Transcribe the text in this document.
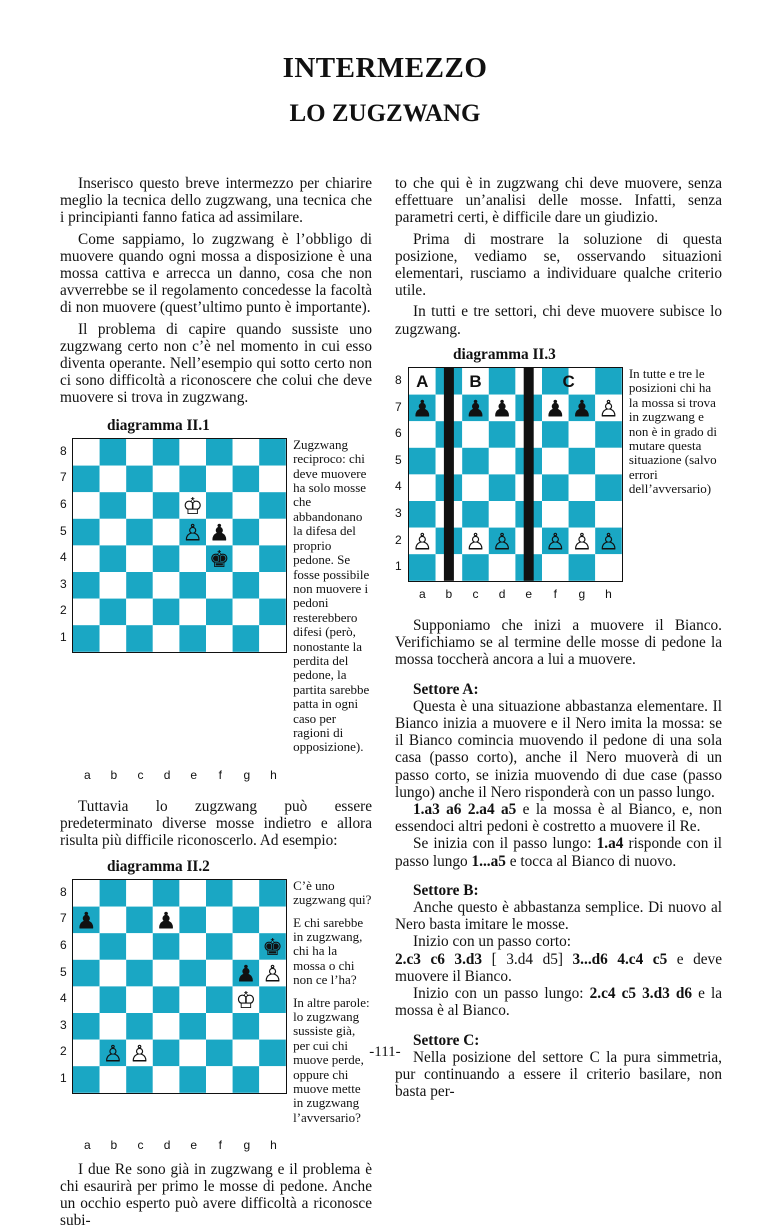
INTERMEZZO
LO ZUGZWANG

Inserisco questo breve intermezzo per chiarire meglio la tecnica dello zugzwang, una tecnica che i principianti fanno fatica ad assimilare.

Come sappiamo, lo zugzwang è l’obbligo di muovere quando ogni mossa a disposizione è una mossa cattiva e arrecca un danno, cosa che non avverrebbe se il regolamento concedesse la facoltà di non muovere (quest’ultimo punto è importante).

Il problema di capire quando sussiste uno zugzwang certo non c’è nel momento in cui esso diventa operante. Nell’esempio qui sotto certo non ci sono difficoltà a riconoscere che colui che deve muovere si trova in zugzwang.

diagramma II.1
8
7
6
5
4
3
2
1
♔
♙ ♟
♚

Zugzwang reciproco: chi deve muovere ha solo mosse che abbandonano la difesa del proprio pedone. Se fosse possibile non muovere i pedoni resterebbero difesi (però, nonostante la perdita del pedone, la partita sarebbe patta in ogni caso per ragioni di opposizione).

a	b	c	d	e	f	g	h

Tuttavia lo zugzwang può essere predeterminato diverse mosse indietro e allora risulta più difficile riconoscerlo. Ad esempio:

diagramma II.2
8
7
6
5
4
3
2
1
♟	♟
♚
♟ ♙
♔
♙ ♙

C’è uno zugzwang qui?

E chi sarebbe in zugzwang, chi ha la mossa o chi non ce l’ha?

In altre parole: lo zugzwang sussiste già, per cui chi muove perde, oppure chi muove mette in zugzwang l’avversario?

a	b	c	d	e	f	g	h

I due Re sono già in zugzwang e il problema è chi esaurirà per primo le mosse di pedone. Anche un occhio esperto può avere difficoltà a riconosce subi-

to che qui è in zugzwang chi deve muovere, senza effettuare un’analisi delle mosse. Infatti, senza parametri certi, è difficile dare un giudizio.

Prima di mostrare la soluzione di questa posizione, vediamo se, osservando situazioni elementari, rusciamo a individuare qualche criterio utile.

In tutti e tre settori, chi deve muovere subisce lo zugzwang.

diagramma II.3
8
7
6
5
4
3
2
1
A B	C
♟ ♟ ♟ ♟ ♟ ♙
♙ ♙ ♙ ♙ ♙ ♙

In tutte e tre le posizioni chi ha la mossa si trova in zugzwang e non è in grado di mutare questa situazione (salvo errori dell’avversario)

a	b	c	d	e	f	g	h

Supponiamo che inizi a muovere il Bianco. Verifichiamo se al termine delle mosse di pedone la mossa toccherà ancora a lui a muovere.

Settore A:

Questa è una situazione abbastanza elementare. Il Bianco inizia a muovere e il Nero imita la mossa: se il Bianco comincia muovendo il pedone di una sola casa (passo corto), anche il Nero muoverà di un passo corto, se inizia muovendo di due case (passo lungo) anche il Nero risponderà con un passo lungo.

1.a3 a6 2.a4 a5 e la mossa è al Bianco, e, non essendoci altri pedoni è costretto a muovere il Re.

Se inizia con il passo lungo: 1.a4 risponde con il passo lungo 1...a5 e tocca al Bianco di nuovo.

Settore B:

Anche questo è abbastanza semplice. Di nuovo al Nero basta imitare le mosse.

Inizio con un passo corto:

2.c3 c6 3.d3 [ 3.d4 d5] 3...d6 4.c4 c5 e deve muovere il Bianco.

Inizio con un passo lungo: 2.c4 c5 3.d3 d6 e la mossa è al Bianco.

Settore C:

Nella posizione del settore C la pura simmetria, pur continuando a essere il criterio basilare, non basta per-

-111-
